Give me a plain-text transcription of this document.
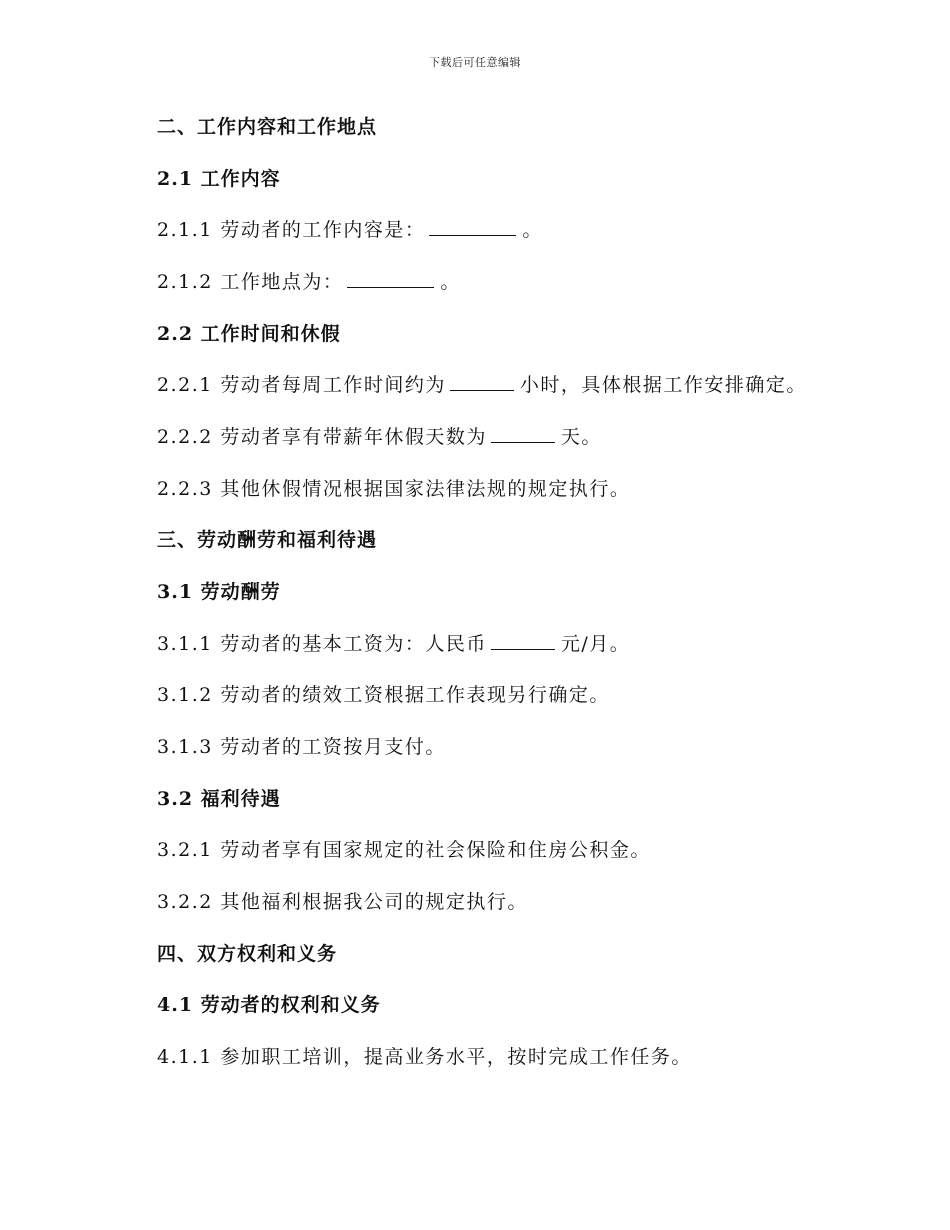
下载后可任意编辑
二、工作内容和工作地点
2.1 工作内容
2.1.1 劳动者的工作内容是：	。
2.1.2 工作地点为：	。
2.2 工作时间和休假
2.2.1 劳动者每周工作时间约为	小时，具体根据工作安排确定。
2.2.2 劳动者享有带薪年休假天数为	天。
2.2.3 其他休假情况根据国家法律法规的规定执行。
三、劳动酬劳和福利待遇
3.1 劳动酬劳
3.1.1 劳动者的基本工资为：人民币	元/月。
3.1.2 劳动者的绩效工资根据工作表现另行确定。
3.1.3 劳动者的工资按月支付。
3.2 福利待遇
3.2.1 劳动者享有国家规定的社会保险和住房公积金。
3.2.2 其他福利根据我公司的规定执行。
四、双方权利和义务
4.1 劳动者的权利和义务
4.1.1 参加职工培训，提高业务水平，按时完成工作任务。
